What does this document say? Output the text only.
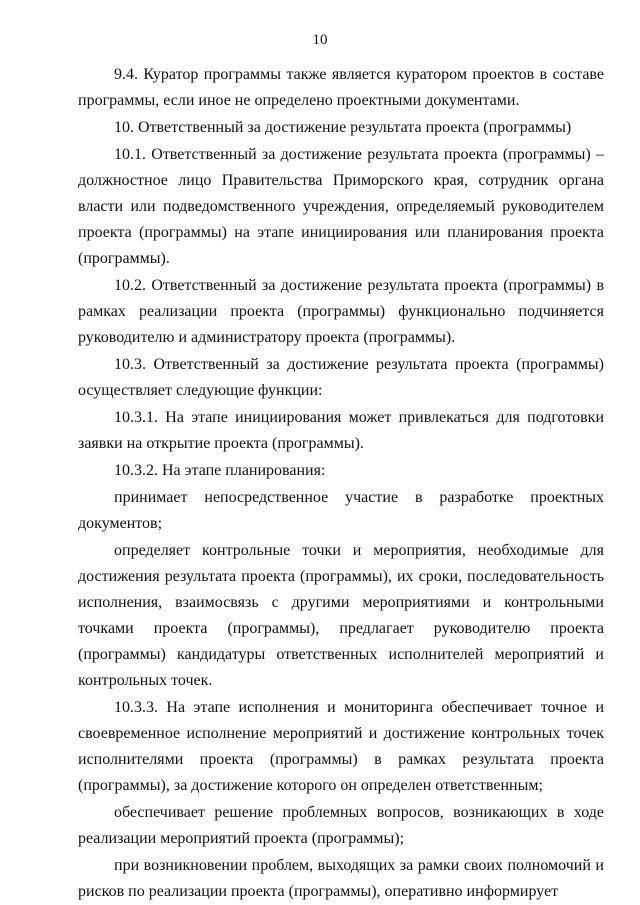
10

9.4. Куратор программы также является куратором проектов в составе программы, если иное не определено проектными документами.

10. Ответственный за достижение результата проекта (программы)

10.1. Ответственный за достижение результата проекта (программы) – должностное лицо Правительства Приморского края, сотрудник органа власти или подведомственного учреждения, определяемый руководителем проекта (программы) на этапе инициирования или планирования проекта (программы).

10.2. Ответственный за достижение результата проекта (программы) в рамках реализации проекта (программы) функционально подчиняется руководителю и администратору проекта (программы).

10.3. Ответственный за достижение результата проекта (программы) осуществляет следующие функции:

10.3.1. На этапе инициирования может привлекаться для подготовки заявки на открытие проекта (программы).

10.3.2. На этапе планирования:

принимает непосредственное участие в разработке проектных документов;

определяет контрольные точки и мероприятия, необходимые для достижения результата проекта (программы), их сроки, последовательность исполнения, взаимосвязь с другими мероприятиями и контрольными точками проекта (программы), предлагает руководителю проекта (программы) кандидатуры ответственных исполнителей мероприятий и контрольных точек.

10.3.3. На этапе исполнения и мониторинга обеспечивает точное и своевременное исполнение мероприятий и достижение контрольных точек исполнителями проекта (программы) в рамках результата проекта (программы), за достижение которого он определен ответственным;

обеспечивает решение проблемных вопросов, возникающих в ходе реализации мероприятий проекта (программы);

при возникновении проблем, выходящих за рамки своих полномочий и рисков по реализации проекта (программы), оперативно информирует
